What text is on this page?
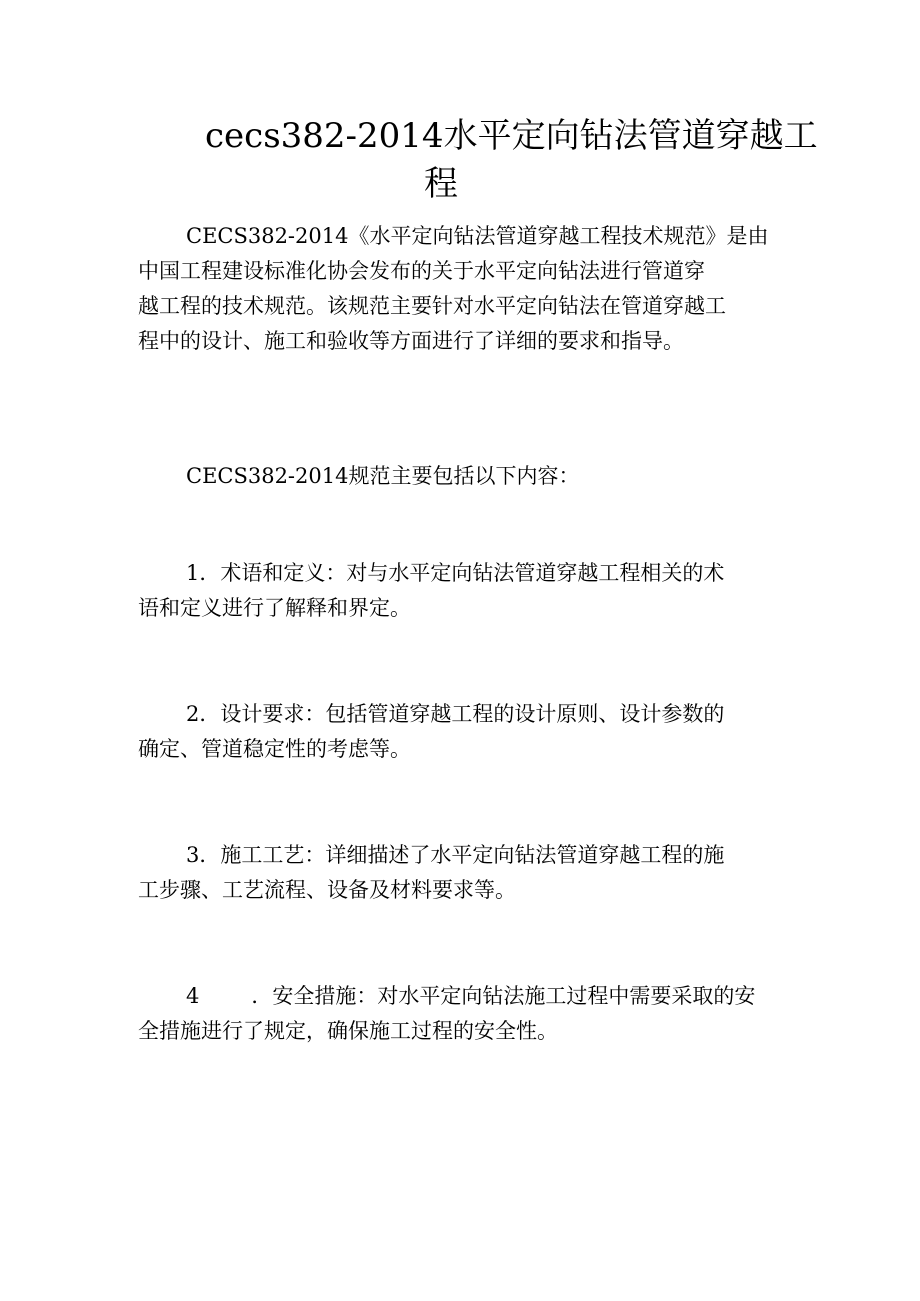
cecs382-2014水平定向钻法管道穿越工
程
CECS382-2014《水平定向钻法管道穿越工程技术规范》是由
中国工程建设标准化协会发布的关于水平定向钻法进行管道穿
越工程的技术规范。该规范主要针对水平定向钻法在管道穿越工
程中的设计、施工和验收等方面进行了详细的要求和指导。
CECS382-2014规范主要包括以下内容：
1．术语和定义：对与水平定向钻法管道穿越工程相关的术
语和定义进行了解释和界定。
2．设计要求：包括管道穿越工程的设计原则、设计参数的
确定、管道稳定性的考虑等。
3．施工工艺：详细描述了水平定向钻法管道穿越工程的施
工步骤、工艺流程、设备及材料要求等。
4 ．安全措施：对水平定向钻法施工过程中需要采取的安
全措施进行了规定，确保施工过程的安全性。
